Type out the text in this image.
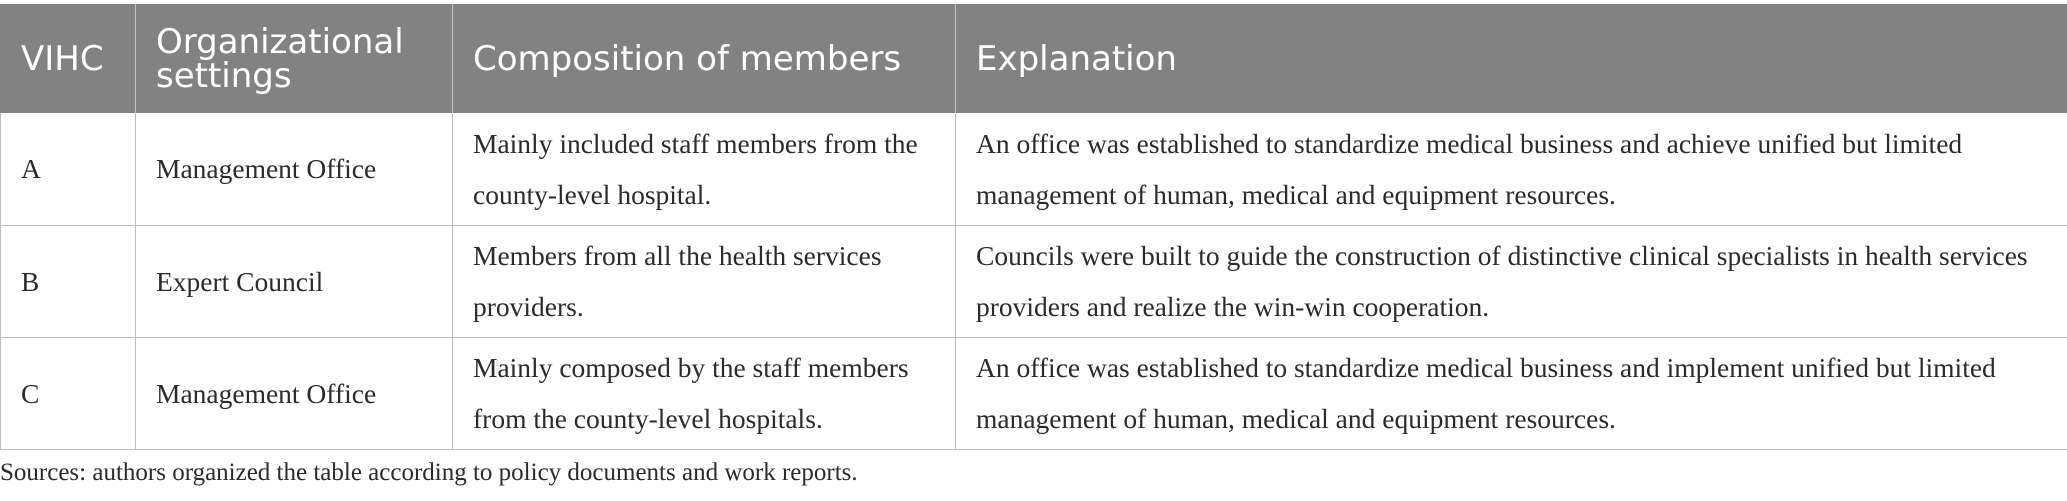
VIHC	Organizational settings	Composition of members	Explanation
A	Management Office	Mainly included staff members from the county-level hospital.	An office was established to standardize medical business and achieve unified but limited management of human, medical and equipment resources.
B	Expert Council	Members from all the health services providers.	Councils were built to guide the construction of distinctive clinical specialists in health services providers and realize the win-win cooperation.
C	Management Office	Mainly composed by the staff members from the county-level hospitals.	An office was established to standardize medical business and implement unified but limited management of human, medical and equipment resources.
Sources: authors organized the table according to policy documents and work reports.
